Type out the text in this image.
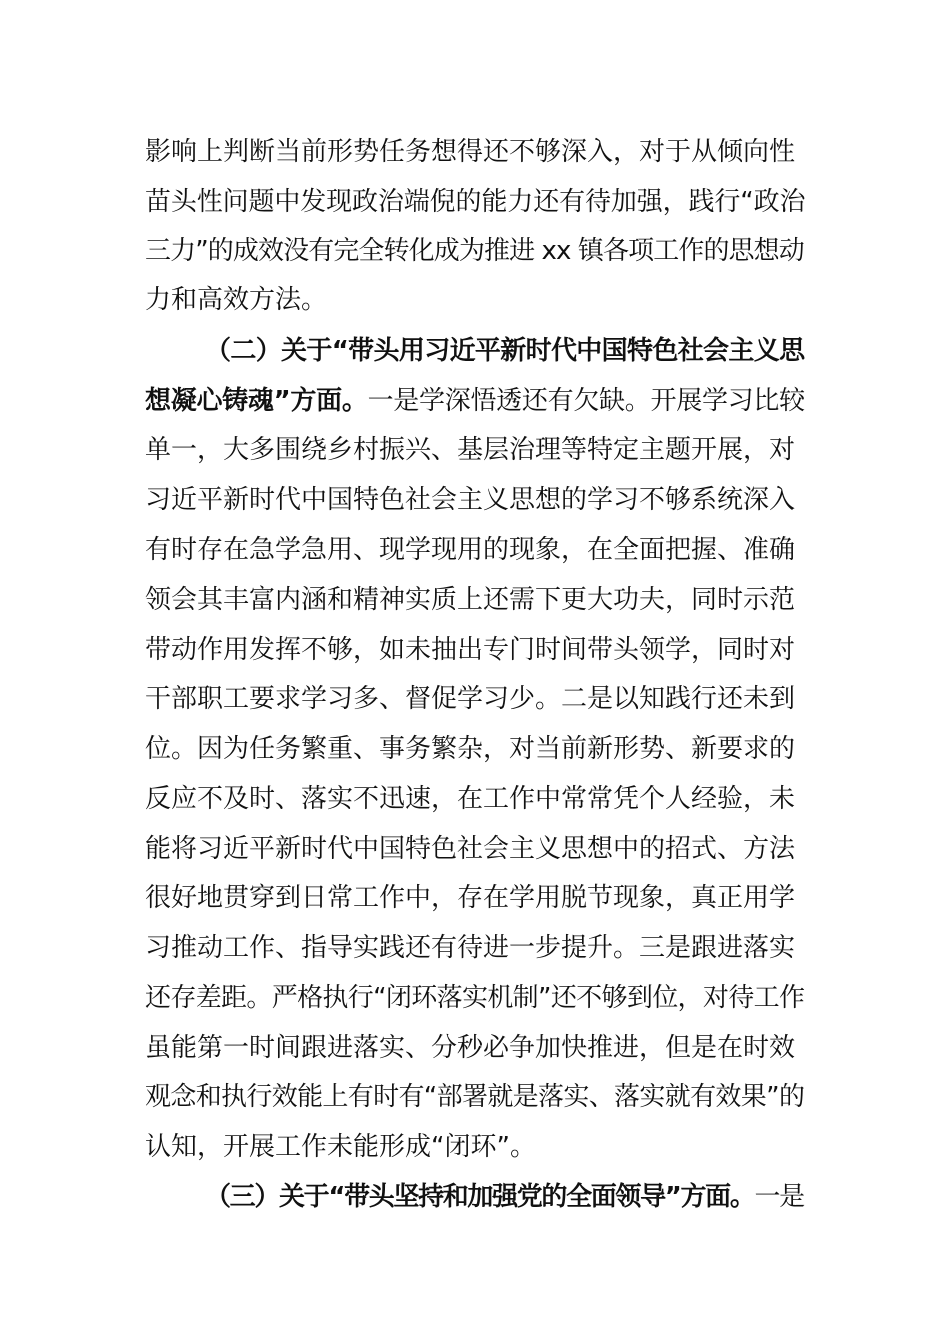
影响上判断当前形势任务想得还不够深入，对于从倾向性
苗头性问题中发现政治端倪的能力还有待加强，践行“政治
三力”的成效没有完全转化成为推进 xx 镇各项工作的思想动
力和高效方法。
（二）关于“带头用习近平新时代中国特色社会主义思
想凝心铸魂”方面。一是学深悟透还有欠缺。开展学习比较
单一，大多围绕乡村振兴、基层治理等特定主题开展，对
习近平新时代中国特色社会主义思想的学习不够系统深入
有时存在急学急用、现学现用的现象，在全面把握、准确
领会其丰富内涵和精神实质上还需下更大功夫，同时示范
带动作用发挥不够，如未抽出专门时间带头领学，同时对
干部职工要求学习多、督促学习少。二是以知践行还未到
位。因为任务繁重、事务繁杂，对当前新形势、新要求的
反应不及时、落实不迅速，在工作中常常凭个人经验，未
能将习近平新时代中国特色社会主义思想中的招式、方法
很好地贯穿到日常工作中，存在学用脱节现象，真正用学
习推动工作、指导实践还有待进一步提升。三是跟进落实
还存差距。严格执行“闭环落实机制”还不够到位，对待工作
虽能第一时间跟进落实、分秒必争加快推进，但是在时效
观念和执行效能上有时有“部署就是落实、落实就有效果”的
认知，开展工作未能形成“闭环”。
（三）关于“带头坚持和加强党的全面领导”方面。一是
